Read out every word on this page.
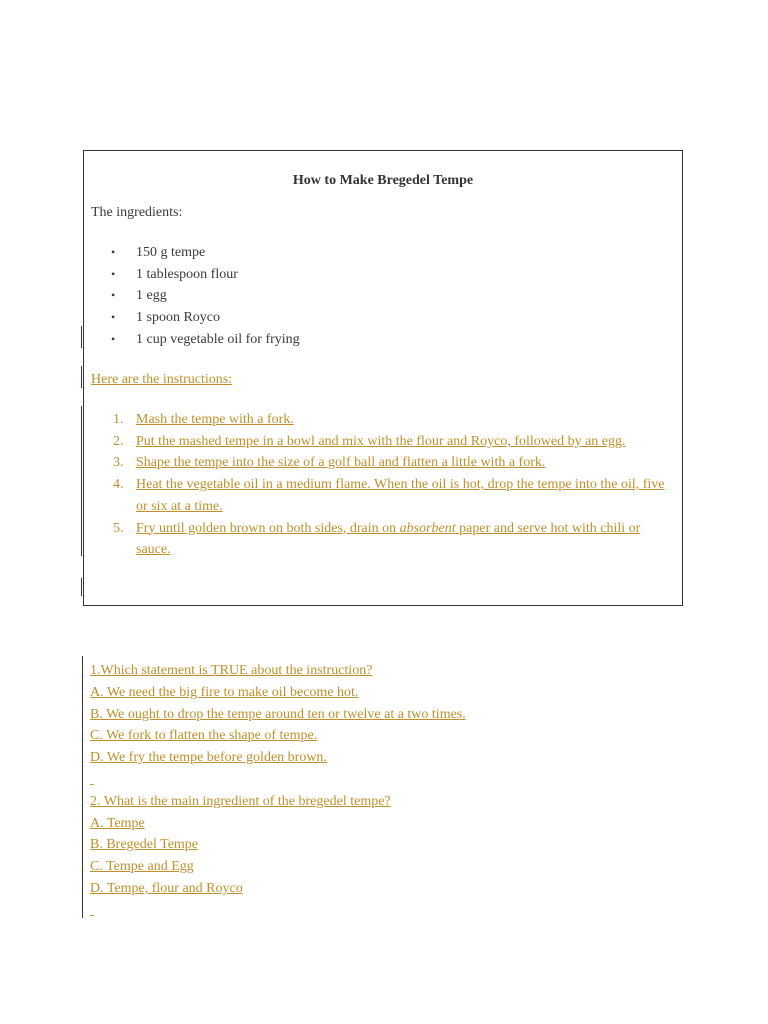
How to Make Bregedel Tempe

The ingredients:

• 150 g tempe
• 1 tablespoon flour
• 1 egg
• 1 spoon Royco
• 1 cup vegetable oil for frying

Here are the instructions:

1. Mash the tempe with a fork.
2. Put the mashed tempe in a bowl and mix with the flour and Royco, followed by an egg.
3. Shape the tempe into the size of a golf ball and flatten a little with a fork.
4. Heat the vegetable oil in a medium flame. When the oil is hot, drop the tempe into the oil, five or six at a time.
5. Fry until golden brown on both sides, drain on absorbent paper and serve hot with chili or sauce.
1.Which statement is TRUE about the instruction?
A. We need the big fire to make oil become hot.
B. We ought to drop the tempe around ten or twelve at a two times.
C. We fork to flatten the shape of tempe.
D. We fry the tempe before golden brown.

2. What is the main ingredient of the bregedel tempe?
A. Tempe
B. Bregedel Tempe
C. Tempe and Egg
D. Tempe, flour and Royco
